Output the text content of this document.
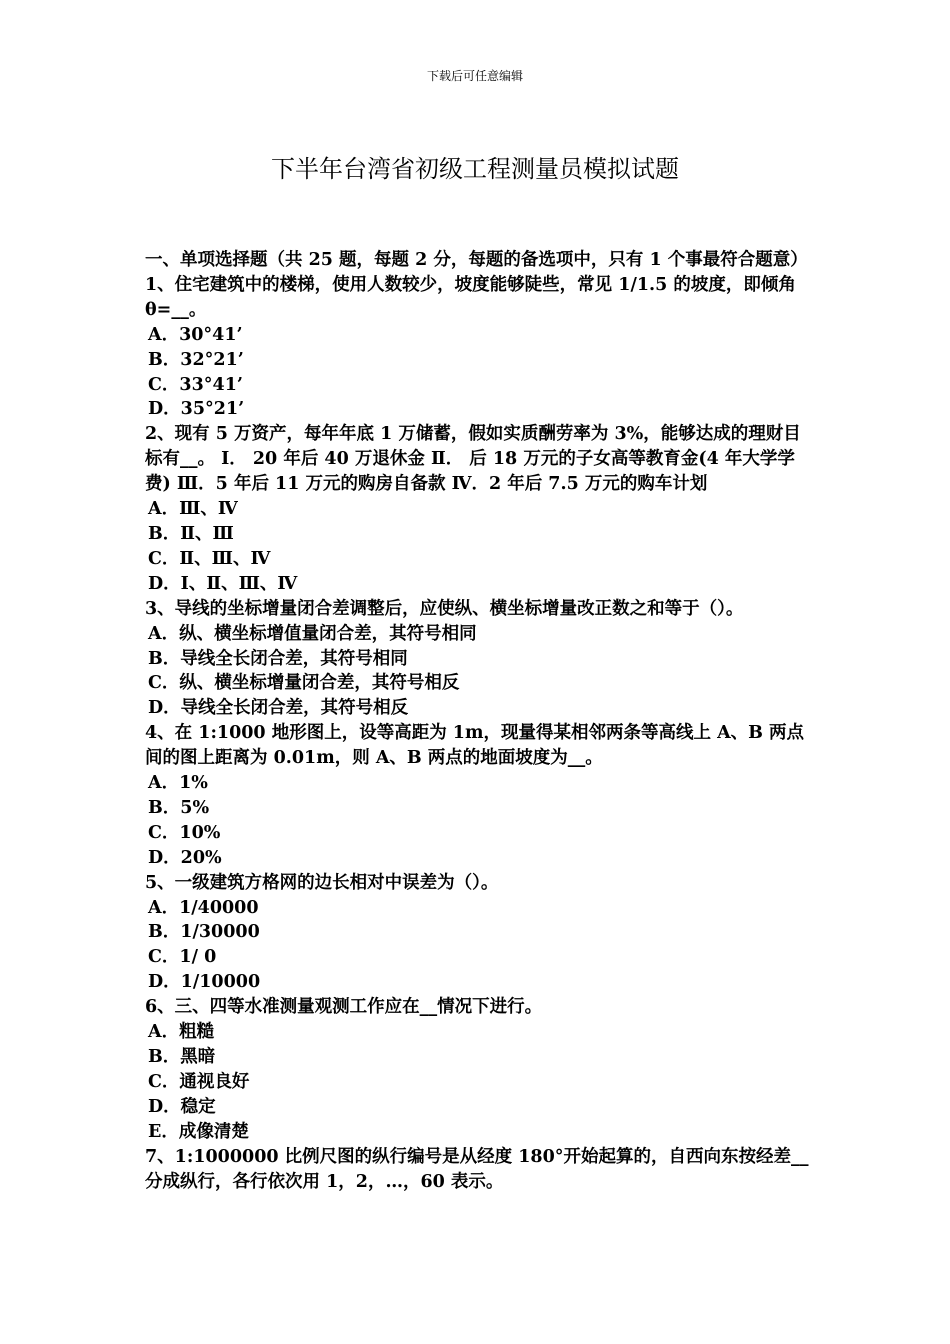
下载后可任意编辑
下半年台湾省初级工程测量员模拟试题

一、单项选择题（共 25 题，每题 2 分，每题的备选项中，只有 1 个事最符合题意）

1、住宅建筑中的楼梯，使用人数较少，坡度能够陡些，常见 1/1.5 的坡度，即倾角 θ=__。

A．30°41’

B．32°21’

C．33°41’

D．35°21’

2、现有 5 万资产，每年年底 1 万储蓄，假如实质酬劳率为 3%，能够达成的理财目标有__。 Ⅰ． 20 年后 40 万退休金 Ⅱ． 后 18 万元的子女高等教育金(4 年大学学费) Ⅲ．5 年后 11 万元的购房自备款 Ⅳ．2 年后 7.5 万元的购车计划

A．Ⅲ、Ⅳ

B．Ⅱ、Ⅲ

C．Ⅱ、Ⅲ、Ⅳ

D．Ⅰ、Ⅱ、Ⅲ、Ⅳ

3、导线的坐标增量闭合差调整后，应使纵、横坐标增量改正数之和等于（）。

A．纵、横坐标增值量闭合差，其符号相同

B．导线全长闭合差，其符号相同

C．纵、横坐标增量闭合差，其符号相反

D．导线全长闭合差，其符号相反

4、在 1:1000 地形图上，设等高距为 1m，现量得某相邻两条等高线上 A、B 两点间的图上距离为 0.01m，则 A、B 两点的地面坡度为__。

A．1%

B．5%

C．10%

D．20%

5、一级建筑方格网的边长相对中误差为（）。

A．1/40000

B．1/30000

C．1/ 0

D．1/10000

6、三、四等水准测量观测工作应在__情况下进行。

A．粗糙

B．黑暗

C．通视良好

D．稳定

E．成像清楚

7、1:1000000 比例尺图的纵行编号是从经度 180°开始起算的，自西向东按经差__分成纵行，各行依次用 1，2，…，60 表示。
